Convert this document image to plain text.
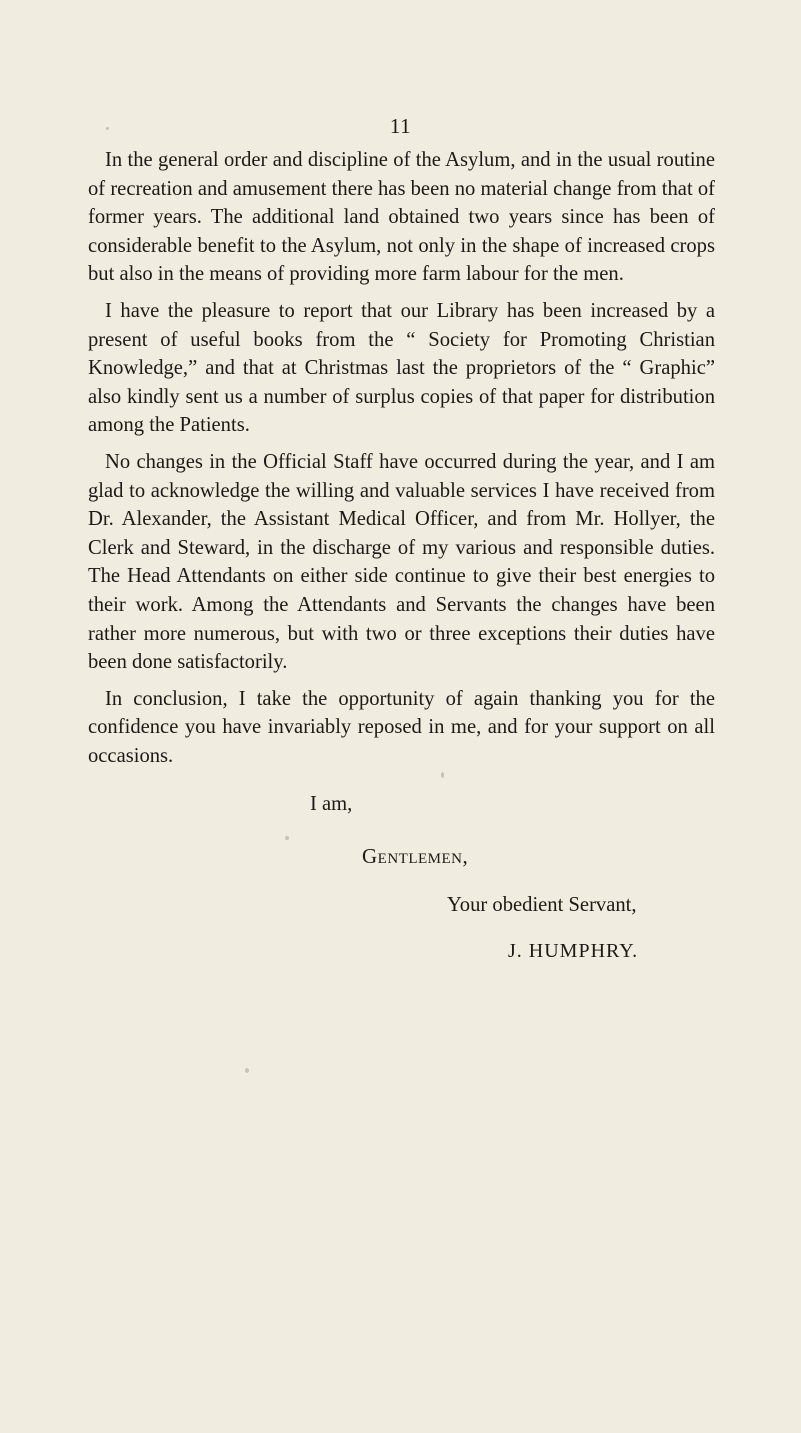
11

In the general order and discipline of the Asylum, and in the usual routine of recreation and amusement there has been no material change from that of former years. The additional land obtained two years since has been of considerable benefit to the Asylum, not only in the shape of increased crops but also in the means of providing more farm labour for the men.

I have the pleasure to report that our Library has been increased by a present of useful books from the “ Society for Promoting Christian Knowledge,” and that at Christmas last the proprietors of the “ Graphic” also kindly sent us a number of surplus copies of that paper for distribution among the Patients.

No changes in the Official Staff have occurred during the year, and I am glad to acknowledge the willing and valuable services I have received from Dr. Alexander, the Assistant Medical Officer, and from Mr. Hollyer, the Clerk and Steward, in the discharge of my various and responsible duties. The Head Attendants on either side continue to give their best energies to their work. Among the Attendants and Servants the changes have been rather more numerous, but with two or three exceptions their duties have been done satisfactorily.

In conclusion, I take the opportunity of again thanking you for the confidence you have invariably reposed in me, and for your support on all occasions.

I am,
Gentlemen,
Your obedient Servant,
J. HUMPHRY.
